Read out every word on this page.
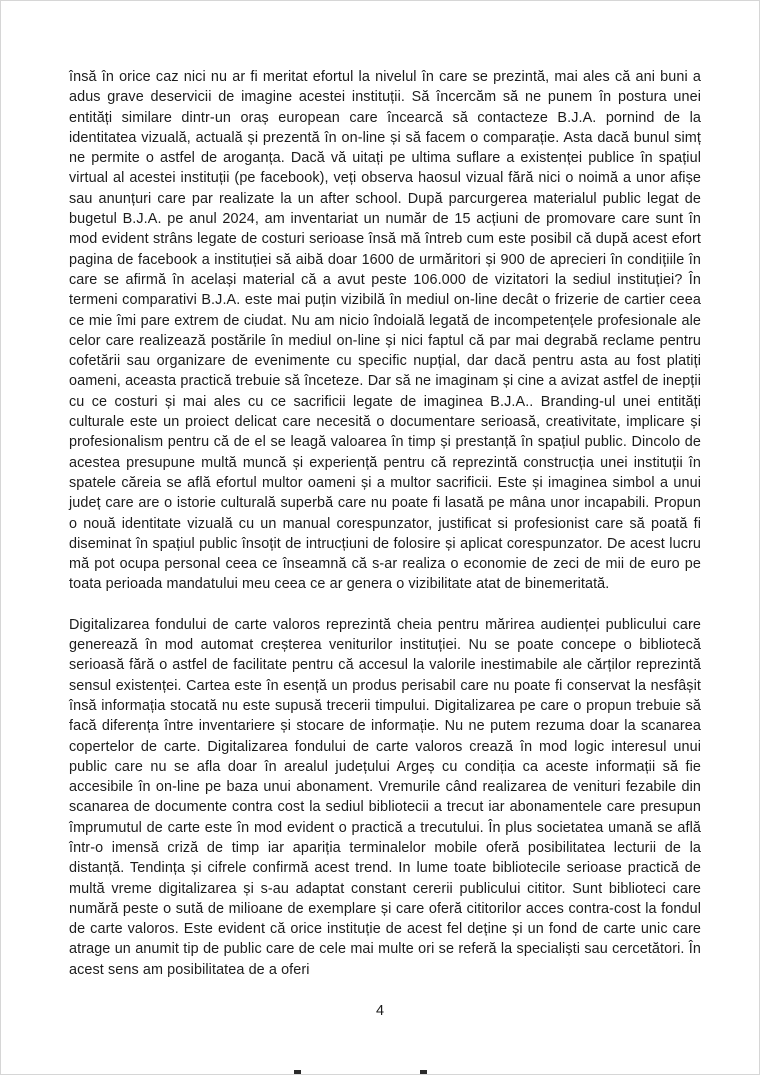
însă în orice caz nici nu ar fi meritat efortul la nivelul în care se prezintă, mai ales că ani buni a adus grave deservicii de imagine acestei instituții. Să încercăm să ne punem în postura unei entități similare dintr-un oraș european care încearcă să contacteze B.J.A. pornind de la identitatea vizuală, actuală și prezentă în on-line și să facem o comparație. Asta dacă bunul simț ne permite o astfel de aroganța. Dacă vă uitați pe ultima suflare a existenței publice în spațiul virtual al acestei instituții (pe facebook), veți observa haosul vizual fără nici o noimă a unor afișe sau anunțuri care par realizate la un after school. După parcurgerea materialul public legat de bugetul B.J.A. pe anul 2024, am inventariat un număr de 15 acțiuni de promovare care sunt în mod evident strâns legate de costuri serioase însă mă întreb cum este posibil că după acest efort pagina de facebook a instituției să aibă doar 1600 de urmăritori și 900 de aprecieri în condițiile în care se afirmă în același material că a avut peste 106.000 de vizitatori la sediul instituției? În termeni comparativi B.J.A. este mai puțin vizibilă în mediul on-line decât o frizerie de cartier ceea ce mie îmi pare extrem de ciudat. Nu am nicio îndoială legată de incompetențele profesionale ale celor care realizează postările în mediul on-line și nici faptul că par mai degrabă reclame pentru cofetării sau organizare de evenimente cu specific nupțial, dar dacă pentru asta au fost platiți oameni, aceasta practică trebuie să înceteze. Dar să ne imaginam și cine a avizat astfel de inepții cu ce costuri și mai ales cu ce sacrificii legate de imaginea B.J.A.. Branding-ul unei entități culturale este un proiect delicat care necesită o documentare serioasă, creativitate, implicare și profesionalism pentru că de el se leagă valoarea în timp și prestanță în spațiul public. Dincolo de acestea presupune multă muncă și experiență pentru că reprezintă construcția unei instituții în spatele căreia se află efortul multor oameni și a multor sacrificii. Este și imaginea simbol a unui județ care are o istorie culturală superbă care nu poate fi lasată pe mâna unor incapabili. Propun o nouă identitate vizuală cu un manual corespunzator, justificat si profesionist care să poată fi diseminat în spațiul public însoțit de intrucțiuni de folosire și aplicat corespunzator. De acest lucru mă pot ocupa personal ceea ce înseamnă că s-ar realiza o economie de zeci de mii de euro pe toata perioada mandatului meu ceea ce ar genera o vizibilitate atat de binemeritată.

Digitalizarea fondului de carte valoros reprezintă cheia pentru mărirea audienței publicului care generează în mod automat creșterea veniturilor instituției. Nu se poate concepe o bibliotecă serioasă fără o astfel de facilitate pentru că accesul la valorile inestimabile ale cărților reprezintă sensul existenței. Cartea este în esență un produs perisabil care nu poate fi conservat la nesfâșit însă informația stocată nu este supusă trecerii timpului. Digitalizarea pe care o propun trebuie să facă diferența între inventariere și stocare de informație. Nu ne putem rezuma doar la scanarea copertelor de carte. Digitalizarea fondului de carte valoros crează în mod logic interesul unui public care nu se afla doar în arealul județului Argeș cu condiția ca aceste informații să fie accesibile în on-line pe baza unui abonament. Vremurile când realizarea de venituri fezabile din scanarea de documente contra cost la sediul bibliotecii a trecut iar abonamentele care presupun împrumutul de carte este în mod evident o practică a trecutului. În plus societatea umană se află într-o imensă criză de timp iar apariția terminalelor mobile oferă posibilitatea lecturii de la distanță. Tendința și cifrele confirmă acest trend. In lume toate bibliotecile serioase practică de multă vreme digitalizarea și s-au adaptat constant cererii publicului cititor. Sunt biblioteci care numără peste o sută de milioane de exemplare și care oferă cititorilor acces contra-cost la fondul de carte valoros. Este evident că orice instituție de acest fel deține și un fond de carte unic care atrage un anumit tip de public care de cele mai multe ori se referă la specialiști sau cercetători. În acest sens am posibilitatea de a oferi

4
